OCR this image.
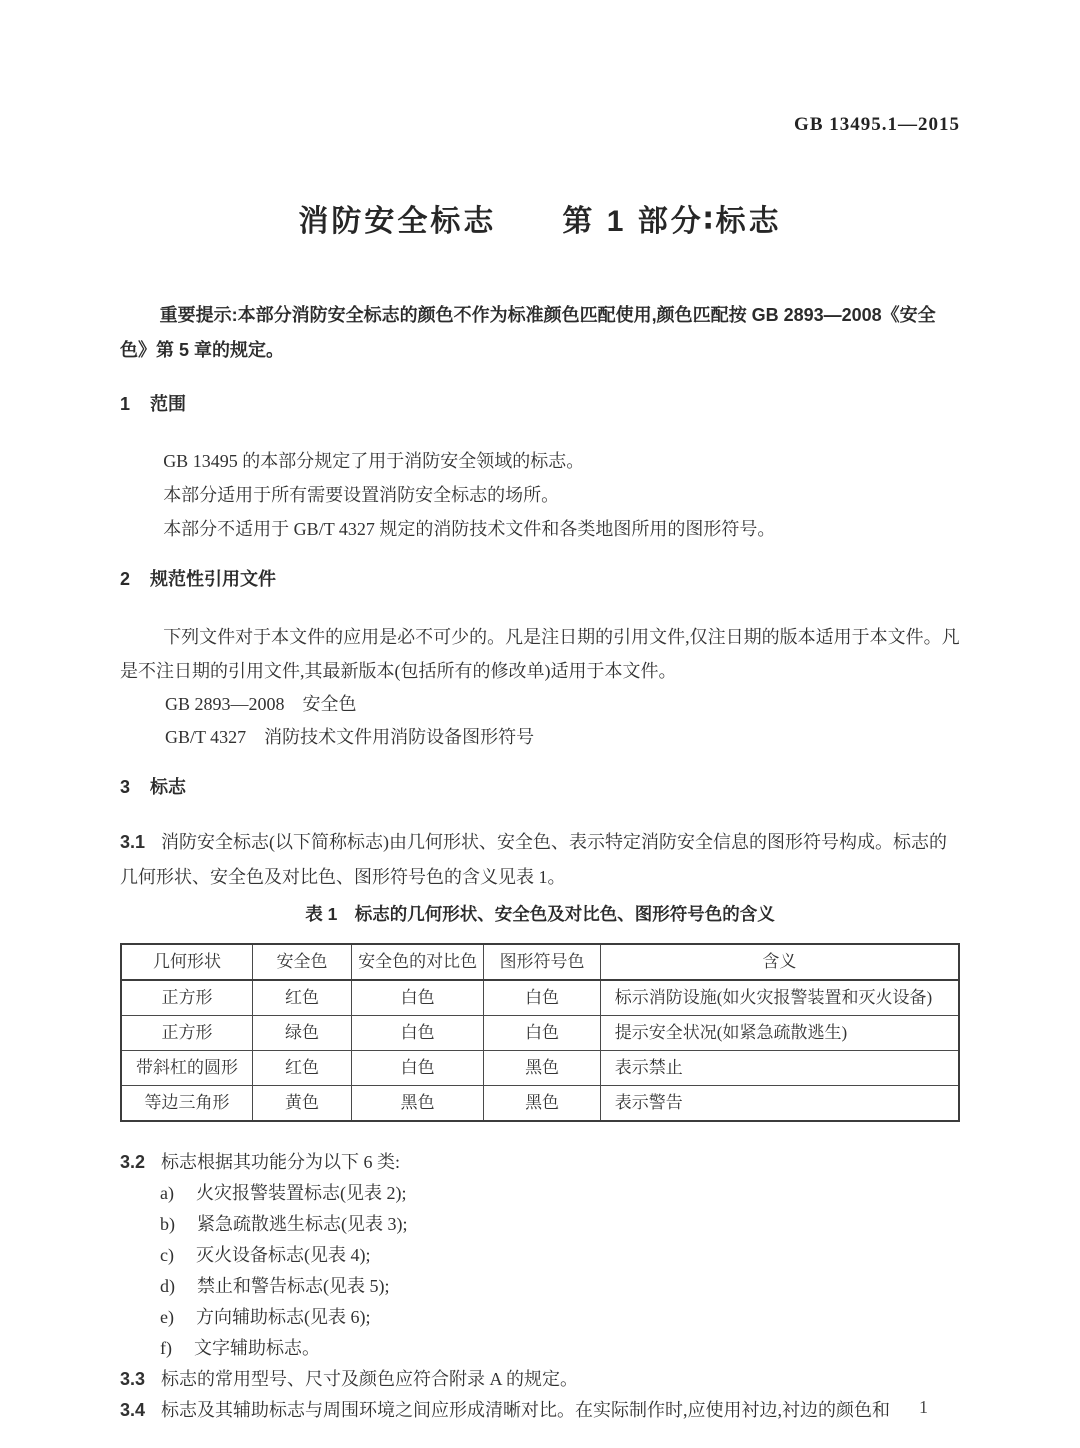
GB 13495.1—2015
消防安全标志　　第 1 部分∶标志

重要提示:本部分消防安全标志的颜色不作为标准颜色匹配使用,颜色匹配按 GB 2893—2008《安全色》第 5 章的规定。

1 范围

GB 13495 的本部分规定了用于消防安全领域的标志。

本部分适用于所有需要设置消防安全标志的场所。

本部分不适用于 GB/T 4327 规定的消防技术文件和各类地图所用的图形符号。

2 规范性引用文件

下列文件对于本文件的应用是必不可少的。凡是注日期的引用文件,仅注日期的版本适用于本文件。凡是不注日期的引用文件,其最新版本(包括所有的修改单)适用于本文件。

GB 2893—2008　安全色

GB/T 4327　消防技术文件用消防设备图形符号

3 标志

3.1 消防安全标志(以下简称标志)由几何形状、安全色、表示特定消防安全信息的图形符号构成。标志的几何形状、安全色及对比色、图形符号色的含义见表 1。

表 1　标志的几何形状、安全色及对比色、图形符号色的含义
几何形状	安全色	安全色的对比色	图形符号色	含义
正方形	红色	白色	白色	标示消防设施(如火灾报警装置和灭火设备)
正方形	绿色	白色	白色	提示安全状况(如紧急疏散逃生)
带斜杠的圆形	红色	白色	黑色	表示禁止
等边三角形	黄色	黑色	黑色	表示警告

3.2 标志根据其功能分为以下 6 类:

a) 火灾报警装置标志(见表 2);
b) 紧急疏散逃生标志(见表 3);
c) 灭火设备标志(见表 4);
d) 禁止和警告标志(见表 5);
e) 方向辅助标志(见表 6);
f) 文字辅助标志。

3.3 标志的常用型号、尺寸及颜色应符合附录 A 的规定。

3.4 标志及其辅助标志与周围环境之间应形成清晰对比。在实际制作时,应使用衬边,衬边的颜色和	1
